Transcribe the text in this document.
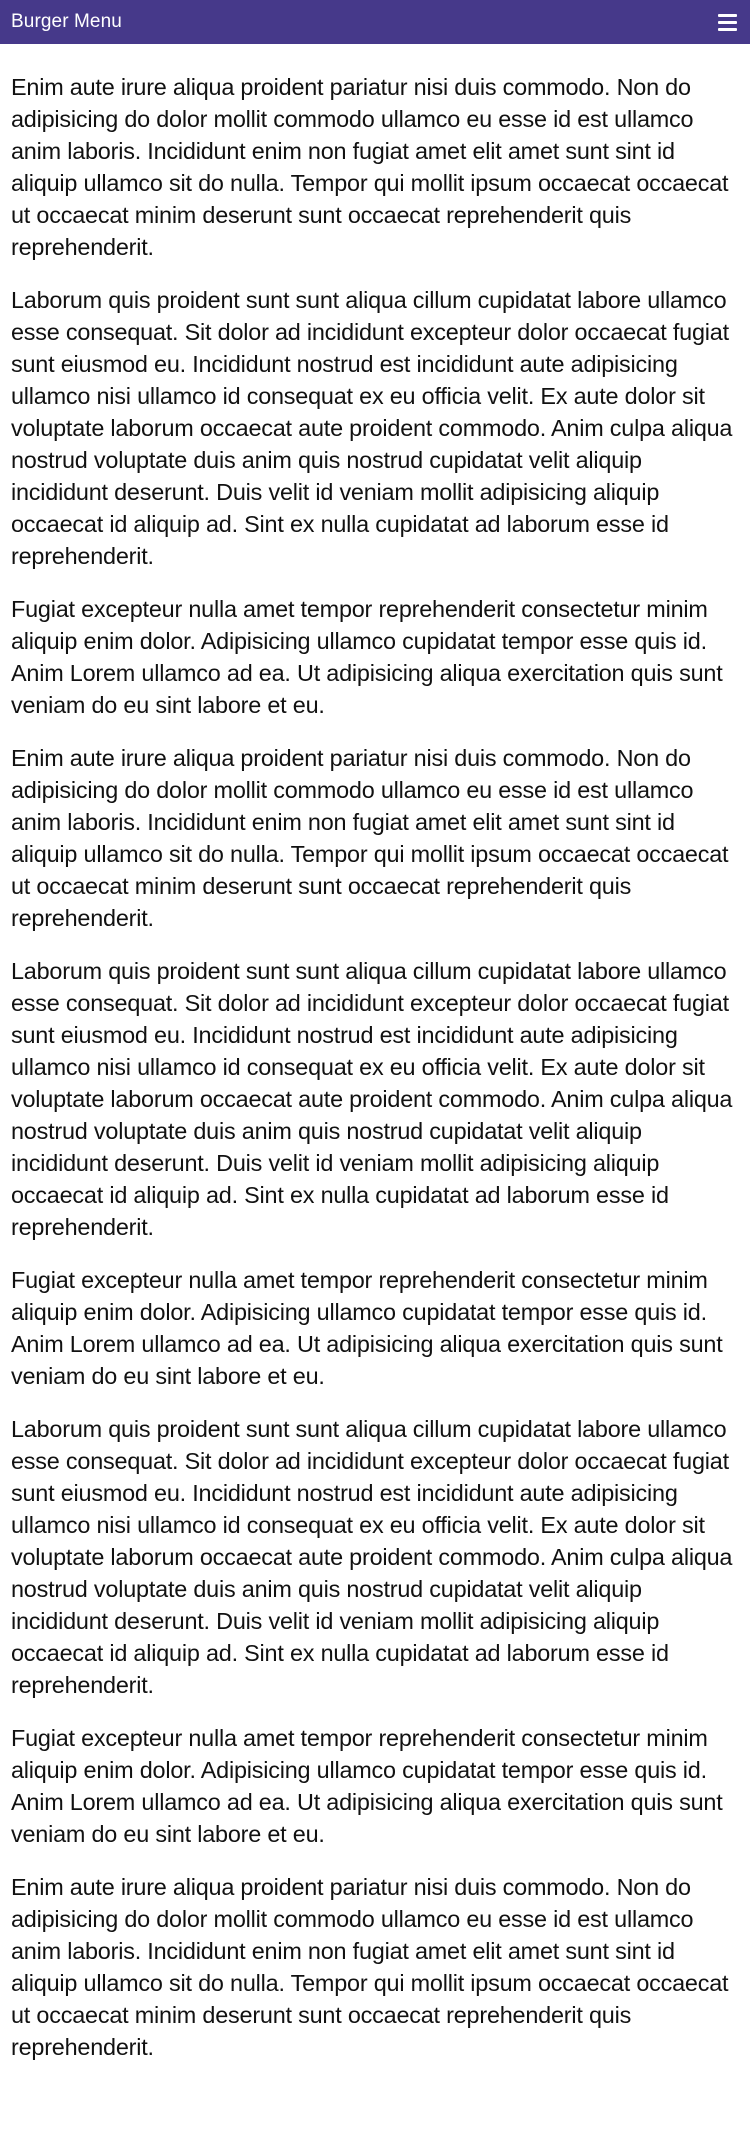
Burger Menu

Enim aute irure aliqua proident pariatur nisi duis commodo. Non do adipisicing do dolor mollit commodo ullamco eu esse id est ullamco anim laboris. Incididunt enim non fugiat amet elit amet sunt sint id aliquip ullamco sit do nulla. Tempor qui mollit ipsum occaecat occaecat ut occaecat minim deserunt sunt occaecat reprehenderit quis reprehenderit.

Laborum quis proident sunt sunt aliqua cillum cupidatat labore ullamco esse consequat. Sit dolor ad incididunt excepteur dolor occaecat fugiat sunt eiusmod eu. Incididunt nostrud est incididunt aute adipisicing ullamco nisi ullamco id consequat ex eu officia velit. Ex aute dolor sit voluptate laborum occaecat aute proident commodo. Anim culpa aliqua nostrud voluptate duis anim quis nostrud cupidatat velit aliquip incididunt deserunt. Duis velit id veniam mollit adipisicing aliquip occaecat id aliquip ad. Sint ex nulla cupidatat ad laborum esse id reprehenderit.

Fugiat excepteur nulla amet tempor reprehenderit consectetur minim aliquip enim dolor. Adipisicing ullamco cupidatat tempor esse quis id. Anim Lorem ullamco ad ea. Ut adipisicing aliqua exercitation quis sunt veniam do eu sint labore et eu.

Enim aute irure aliqua proident pariatur nisi duis commodo. Non do adipisicing do dolor mollit commodo ullamco eu esse id est ullamco anim laboris. Incididunt enim non fugiat amet elit amet sunt sint id aliquip ullamco sit do nulla. Tempor qui mollit ipsum occaecat occaecat ut occaecat minim deserunt sunt occaecat reprehenderit quis reprehenderit.

Laborum quis proident sunt sunt aliqua cillum cupidatat labore ullamco esse consequat. Sit dolor ad incididunt excepteur dolor occaecat fugiat sunt eiusmod eu. Incididunt nostrud est incididunt aute adipisicing ullamco nisi ullamco id consequat ex eu officia velit. Ex aute dolor sit voluptate laborum occaecat aute proident commodo. Anim culpa aliqua nostrud voluptate duis anim quis nostrud cupidatat velit aliquip incididunt deserunt. Duis velit id veniam mollit adipisicing aliquip occaecat id aliquip ad. Sint ex nulla cupidatat ad laborum esse id reprehenderit.

Fugiat excepteur nulla amet tempor reprehenderit consectetur minim aliquip enim dolor. Adipisicing ullamco cupidatat tempor esse quis id. Anim Lorem ullamco ad ea. Ut adipisicing aliqua exercitation quis sunt veniam do eu sint labore et eu.

Laborum quis proident sunt sunt aliqua cillum cupidatat labore ullamco esse consequat. Sit dolor ad incididunt excepteur dolor occaecat fugiat sunt eiusmod eu. Incididunt nostrud est incididunt aute adipisicing ullamco nisi ullamco id consequat ex eu officia velit. Ex aute dolor sit voluptate laborum occaecat aute proident commodo. Anim culpa aliqua nostrud voluptate duis anim quis nostrud cupidatat velit aliquip incididunt deserunt. Duis velit id veniam mollit adipisicing aliquip occaecat id aliquip ad. Sint ex nulla cupidatat ad laborum esse id reprehenderit.

Fugiat excepteur nulla amet tempor reprehenderit consectetur minim aliquip enim dolor. Adipisicing ullamco cupidatat tempor esse quis id. Anim Lorem ullamco ad ea. Ut adipisicing aliqua exercitation quis sunt veniam do eu sint labore et eu.

Enim aute irure aliqua proident pariatur nisi duis commodo. Non do adipisicing do dolor mollit commodo ullamco eu esse id est ullamco anim laboris. Incididunt enim non fugiat amet elit amet sunt sint id aliquip ullamco sit do nulla. Tempor qui mollit ipsum occaecat occaecat ut occaecat minim deserunt sunt occaecat reprehenderit quis reprehenderit.
